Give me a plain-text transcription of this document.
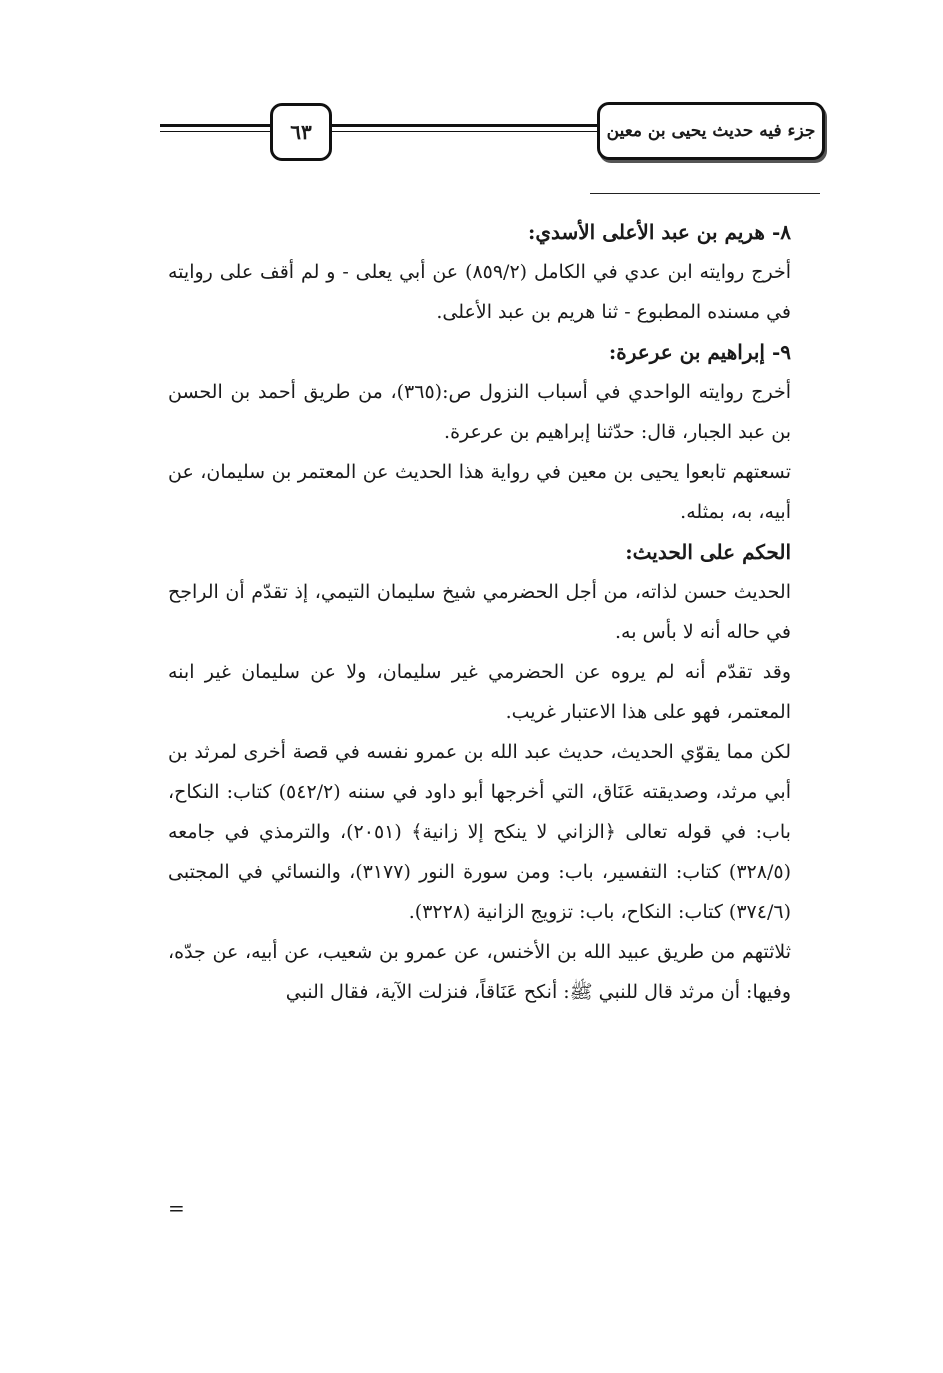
٦٣	جزء فيه حديث يحيى بن معين
٨- هريم بن عبد الأعلى الأسدي:

أخرج روايته ابن عدي في الكامل (٨٥٩/٢) عن أبي يعلى - و لم أقف على روايته في مسنده المطبوع - ثنا هريم بن عبد الأعلى.

٩- إبراهيم بن عرعرة:

أخرج روايته الواحدي في أسباب النزول ص:(٣٦٥)، من طريق أحمد بن الحسن بن عبد الجبار، قال: حدّثنا إبراهيم بن عرعرة.

تسعتهم تابعوا يحيى بن معين في رواية هذا الحديث عن المعتمر بن سليمان، عن أبيه، به، بمثله.

الحكم على الحديث:

الحديث حسن لذاته، من أجل الحضرمي شيخ سليمان التيمي، إذ تقدّم أن الراجح في حاله أنه لا بأس به.

وقد تقدّم أنه لم يروه عن الحضرمي غير سليمان، ولا عن سليمان غير ابنه المعتمر، فهو على هذا الاعتبار غريب.

لكن مما يقوّي الحديث، حديث عبد الله بن عمرو نفسه في قصة أخرى لمرثد بن أبي مرثد، وصديقته عَنَاق، التي أخرجها أبو داود في سننه (٥٤٢/٢) كتاب: النكاح، باب: في قوله تعالى ﴿الزاني لا ينكح إلا زانية﴾ (٢٠٥١)، والترمذي في جامعه (٣٢٨/٥) كتاب: التفسير، باب: ومن سورة النور (٣١٧٧)، والنسائي في المجتبى (٣٧٤/٦) كتاب: النكاح، باب: تزويج الزانية (٣٢٢٨).

ثلاثتهم من طريق عبيد الله بن الأخنس، عن عمرو بن شعيب، عن أبيه، عن جدّه، وفيها: أن مرثد قال للنبي ﷺ: أنكح عَنَاقاً، فنزلت الآية، فقال النبي

=
